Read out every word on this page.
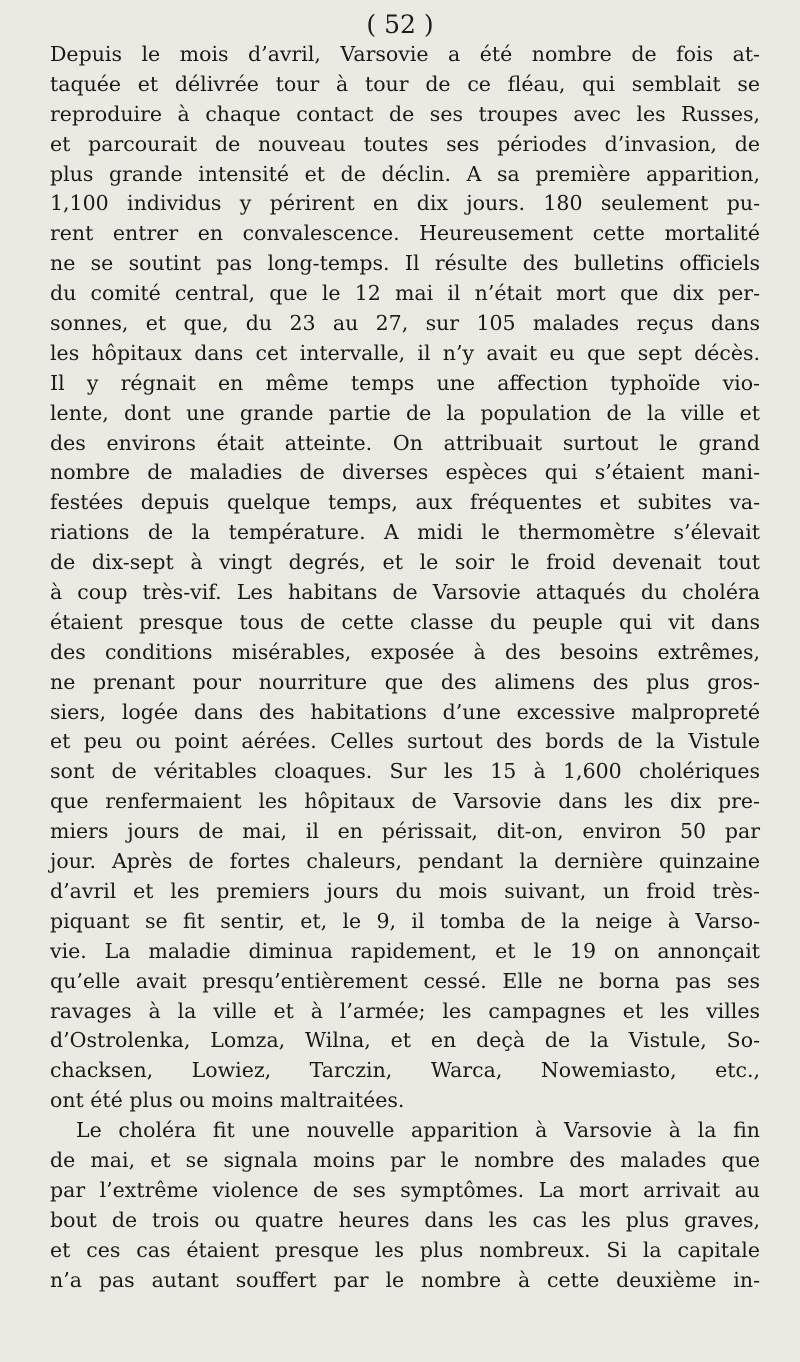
( 52 )
Depuis le mois d’avril, Varsovie a été nombre de fois at-
taquée et délivrée tour à tour de ce fléau, qui semblait se
reproduire à chaque contact de ses troupes avec les Russes,
et parcourait de nouveau toutes ses périodes d’invasion, de
plus grande intensité et de déclin. A sa première apparition,
1,100 individus y périrent en dix jours. 180 seulement pu-
rent entrer en convalescence. Heureusement cette mortalité
ne se soutint pas long-temps. Il résulte des bulletins officiels
du comité central, que le 12 mai il n’était mort que dix per-
sonnes, et que, du 23 au 27, sur 105 malades reçus dans
les hôpitaux dans cet intervalle, il n’y avait eu que sept décès.
Il y régnait en même temps une affection typhoïde vio-
lente, dont une grande partie de la population de la ville et
des environs était atteinte. On attribuait surtout le grand
nombre de maladies de diverses espèces qui s’étaient mani-
festées depuis quelque temps, aux fréquentes et subites va-
riations de la température. A midi le thermomètre s’élevait
de dix-sept à vingt degrés, et le soir le froid devenait tout
à coup très-vif. Les habitans de Varsovie attaqués du choléra
étaient presque tous de cette classe du peuple qui vit dans
des conditions misérables, exposée à des besoins extrêmes,
ne prenant pour nourriture que des alimens des plus gros-
siers, logée dans des habitations d’une excessive malpropreté
et peu ou point aérées. Celles surtout des bords de la Vistule
sont de véritables cloaques. Sur les 15 à 1,600 cholériques
que renfermaient les hôpitaux de Varsovie dans les dix pre-
miers jours de mai, il en périssait, dit-on, environ 50 par
jour. Après de fortes chaleurs, pendant la dernière quinzaine
d’avril et les premiers jours du mois suivant, un froid très-
piquant se fit sentir, et, le 9, il tomba de la neige à Varso-
vie. La maladie diminua rapidement, et le 19 on annonçait
qu’elle avait presqu’entièrement cessé. Elle ne borna pas ses
ravages à la ville et à l’armée; les campagnes et les villes
d’Ostrolenka, Lomza, Wilna, et en deçà de la Vistule, So-
chacksen, Lowiez, Tarczin, Warca, Nowemiasto, etc.,
ont été plus ou moins maltraitées.
Le choléra fit une nouvelle apparition à Varsovie à la fin
de mai, et se signala moins par le nombre des malades que
par l’extrême violence de ses symptômes. La mort arrivait au
bout de trois ou quatre heures dans les cas les plus graves,
et ces cas étaient presque les plus nombreux. Si la capitale
n’a pas autant souffert par le nombre à cette deuxième in-
